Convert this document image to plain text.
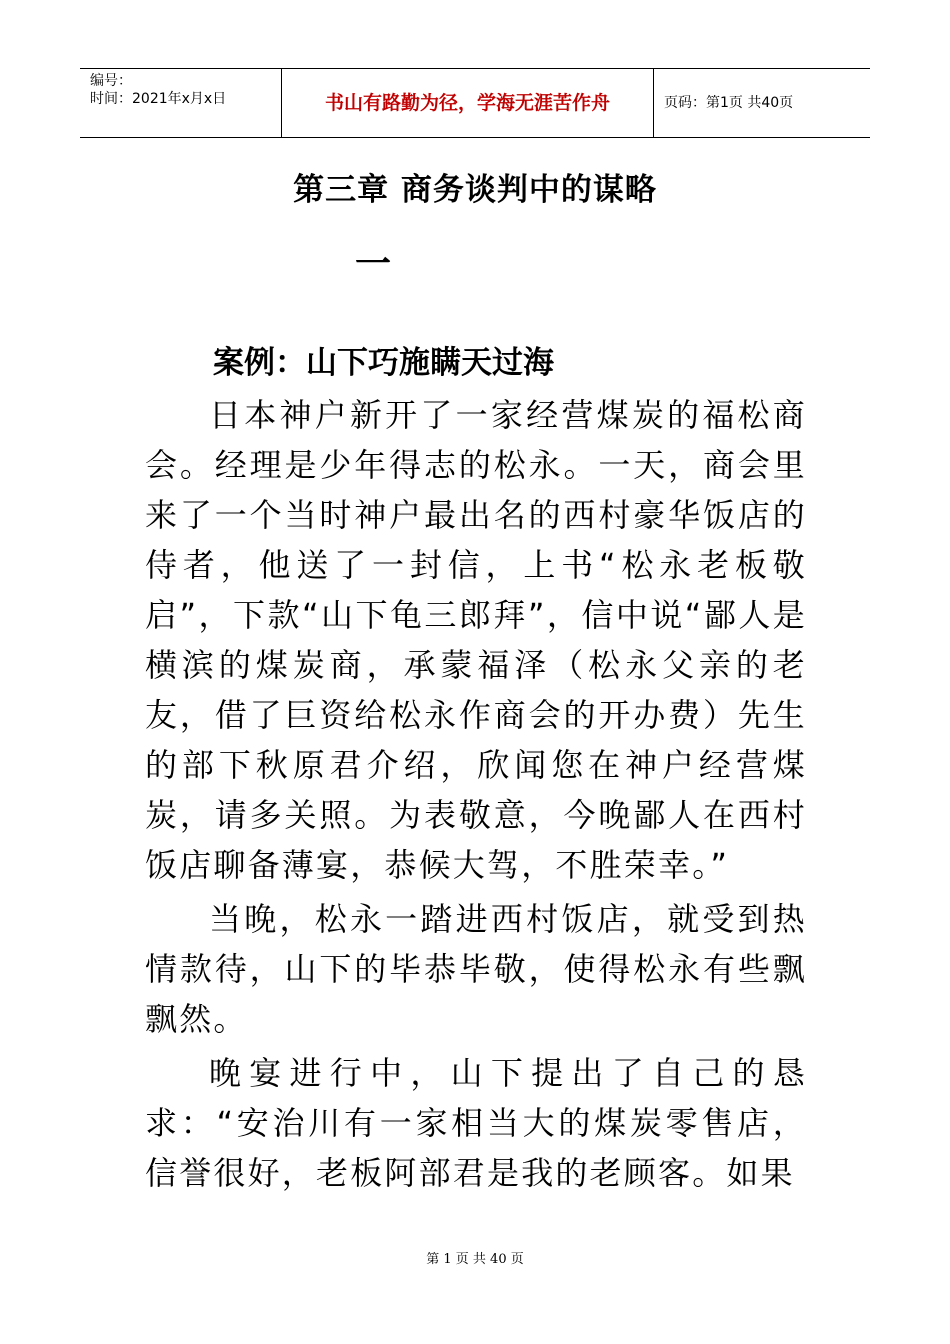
编号：
时间：2021年x月x日	书山有路勤为径，学海无涯苦作舟	页码：第1页 共40页
第三章 商务谈判中的谋略
一
案例：山下巧施瞒天过海

日本神户新开了一家经营煤炭的福松商会。经理是少年得志的松永。一天，商会里来了一个当时神户最出名的西村豪华饭店的侍者，他送了一封信，上书“松永老板敬启”，下款“山下龟三郎拜”，信中说“鄙人是横滨的煤炭商，承蒙福泽（松永父亲的老友，借了巨资给松永作商会的开办费）先生的部下秋原君介绍，欣闻您在神户经营煤炭，请多关照。为表敬意，今晚鄙人在西村饭店聊备薄宴，恭候大驾，不胜荣幸。”

当晚，松永一踏进西村饭店，就受到热情款待，山下的毕恭毕敬，使得松永有些飘飘然。

晚宴进行中，山下提出了自己的恳求：“安治川有一家相当大的煤炭零售店，信誉很好，老板阿部君是我的老顾客。如果

第 1 页 共 40 页
